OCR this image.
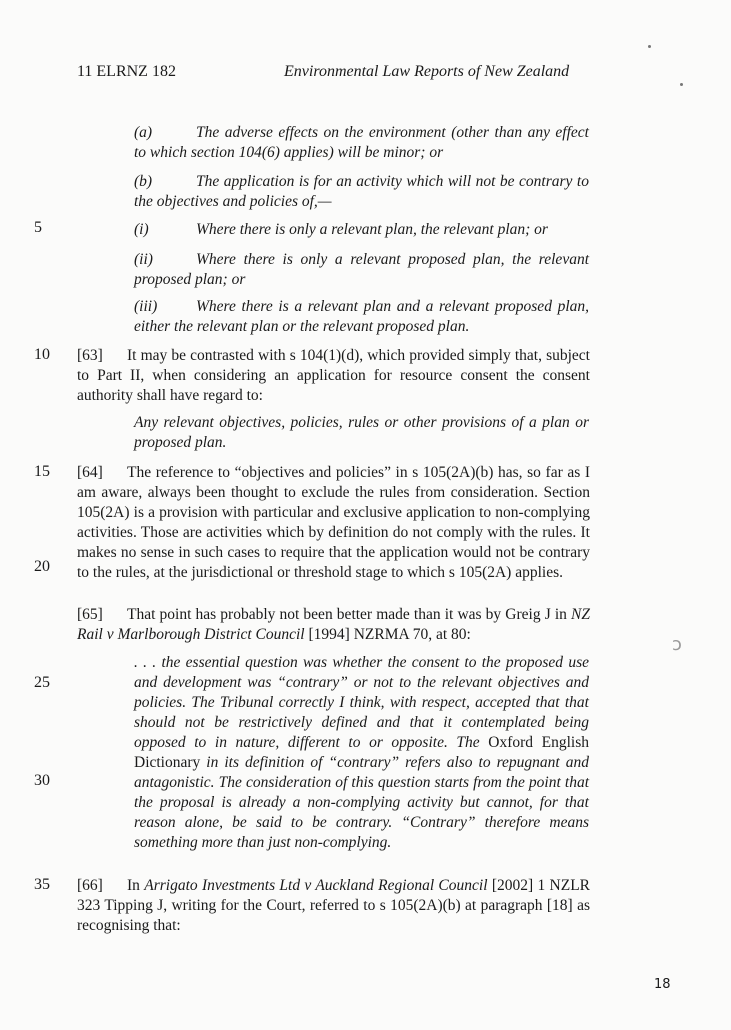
11 ELRNZ 182	Environmental Law Reports of New Zealand
5
10
15
20
25
30
35
(a)	The adverse effects on the environment (other than any effect to which section 104(6) applies) will be minor; or
(b)	The application is for an activity which will not be contrary to the objectives and policies of,—
(i)	Where there is only a relevant plan, the relevant plan; or
(ii)	Where there is only a relevant proposed plan, the relevant proposed plan; or
(iii)	Where there is a relevant plan and a relevant proposed plan, either the relevant plan or the relevant proposed plan.
[63] It may be contrasted with s 104(1)(d), which provided simply that, subject to Part II, when considering an application for resource consent the consent authority shall have regard to:
Any relevant objectives, policies, rules or other provisions of a plan or proposed plan.
[64] The reference to “objectives and policies” in s 105(2A)(b) has, so far as I am aware, always been thought to exclude the rules from consideration. Section 105(2A) is a provision with particular and exclusive application to non-complying activities. Those are activities which by definition do not comply with the rules. It makes no sense in such cases to require that the application would not be contrary to the rules, at the jurisdictional or threshold stage to which s 105(2A) applies.
[65] That point has probably not been better made than it was by Greig J in NZ Rail v Marlborough District Council [1994] NZRMA 70, at 80:
. . . the essential question was whether the consent to the proposed use and development was “contrary” or not to the relevant objectives and policies. The Tribunal correctly I think, with respect, accepted that that should not be restrictively defined and that it contemplated being opposed to in nature, different to or opposite. The Oxford English Dictionary in its definition of “contrary” refers also to repugnant and antagonistic. The consideration of this question starts from the point that the proposal is already a non-complying activity but cannot, for that reason alone, be said to be contrary. “Contrary” therefore means something more than just non-complying.
[66] In Arrigato Investments Ltd v Auckland Regional Council [2002] 1 NZLR 323 Tipping J, writing for the Court, referred to s 105(2A)(b) at paragraph [18] as recognising that:
18
ↄ
